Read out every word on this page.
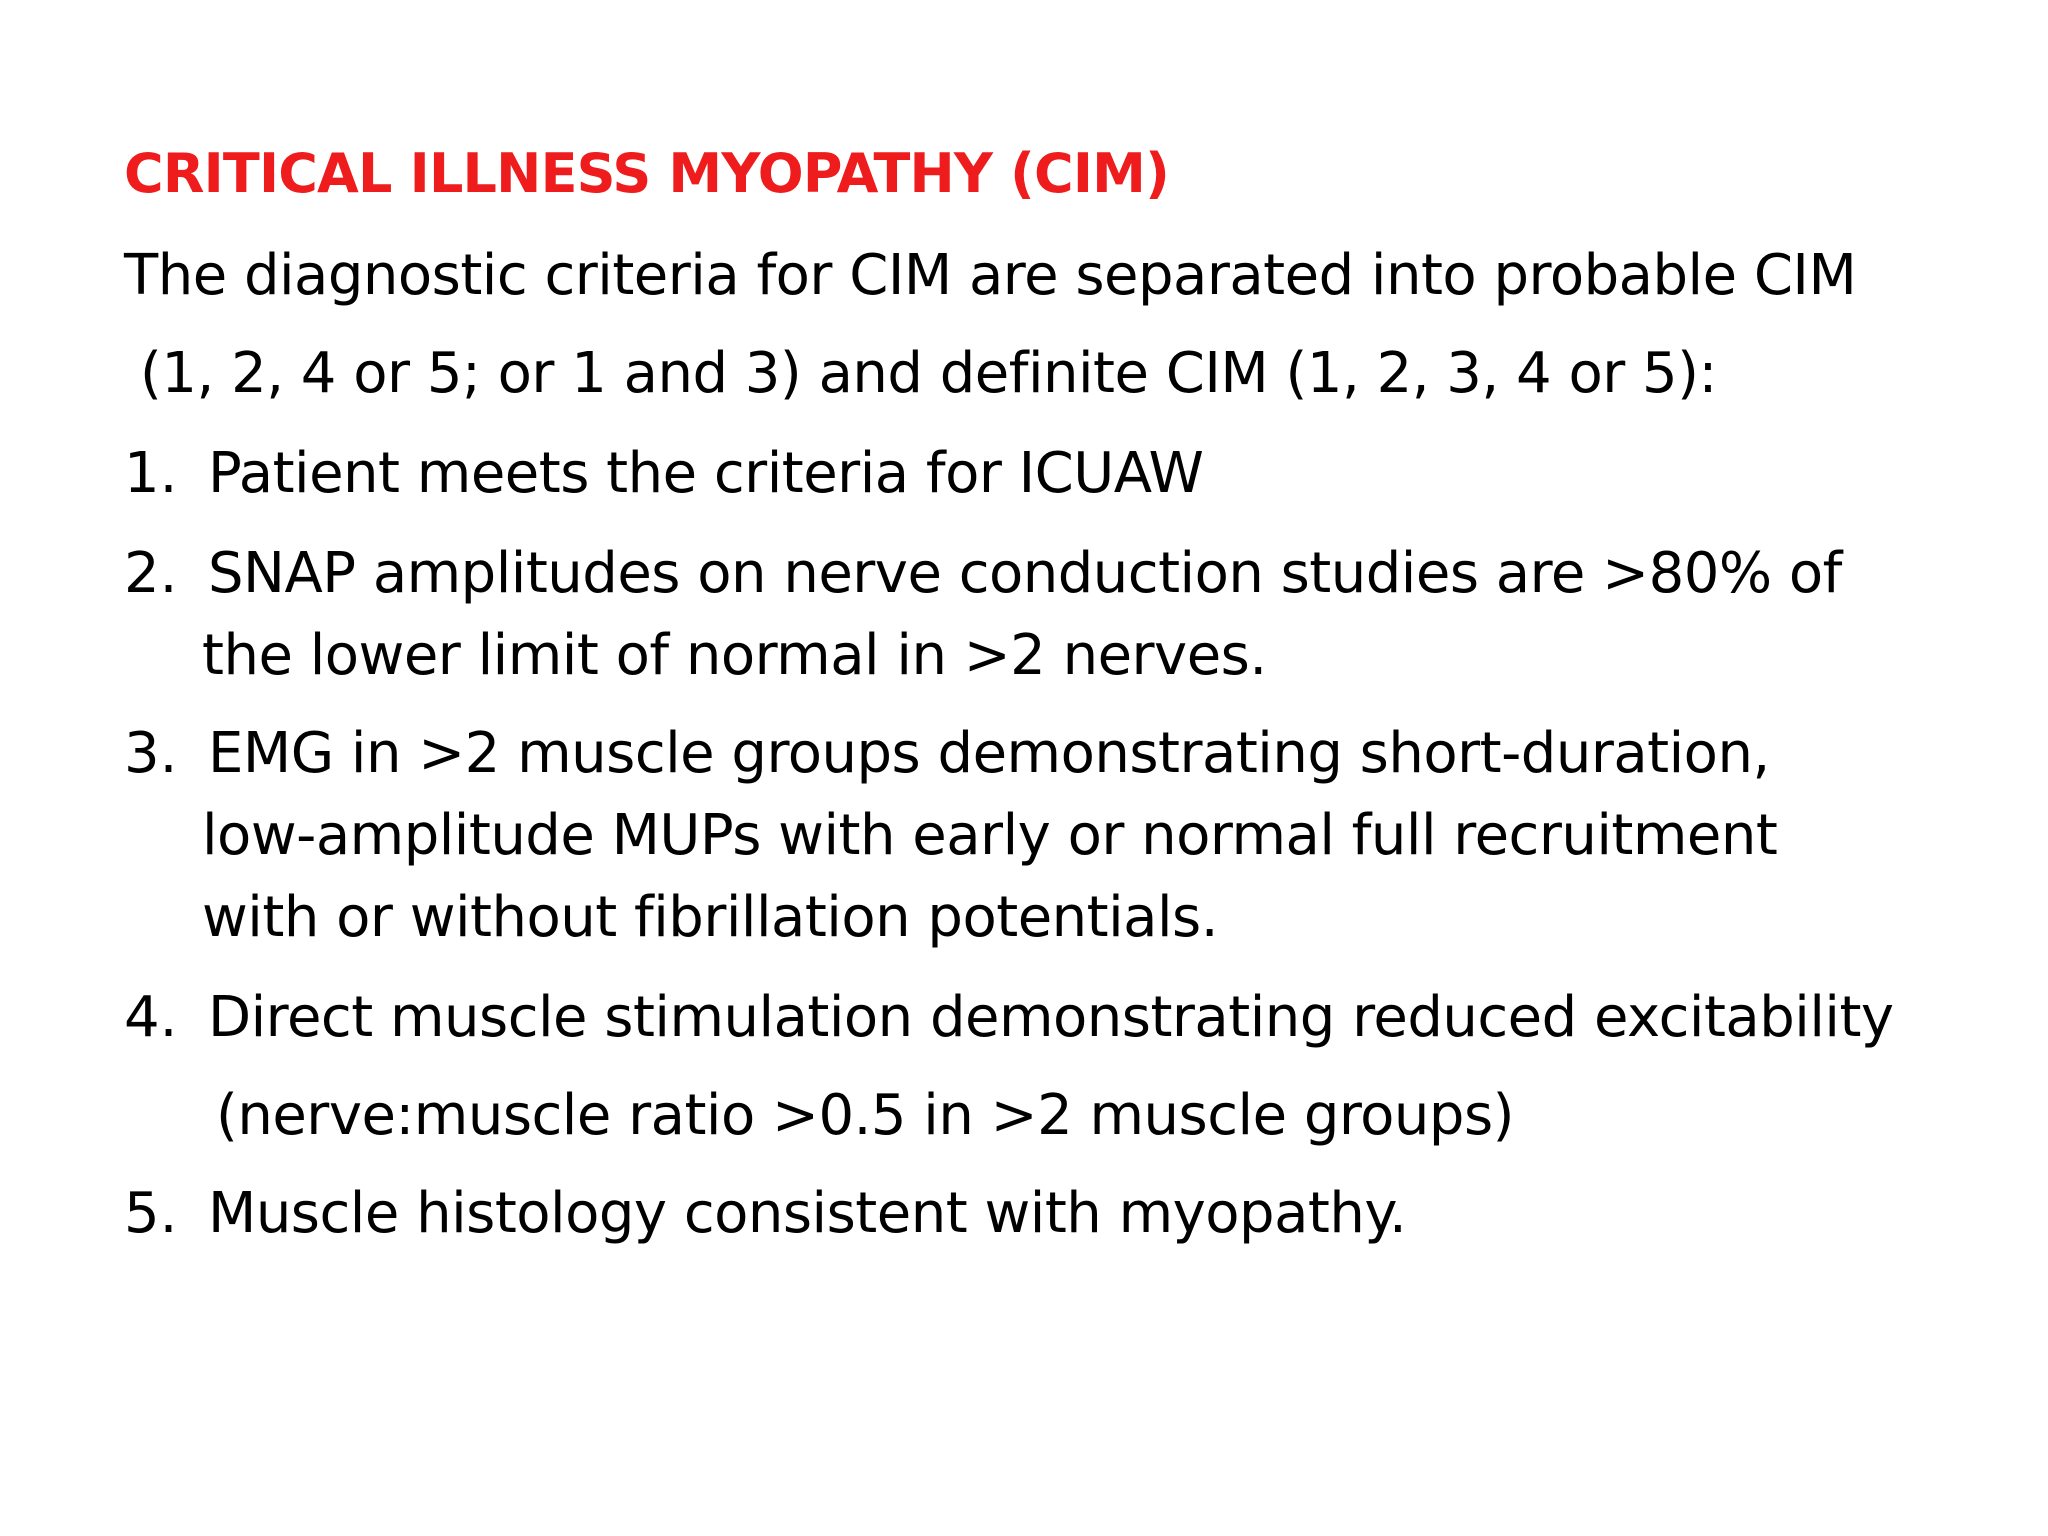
CRITICAL ILLNESS MYOPATHY (CIM)

The diagnostic criteria for CIM are separated into probable CIM

(1, 2, 4 or 5; or 1 and 3) and definite CIM (1, 2, 3, 4 or 5):

1. Patient meets the criteria for ICUAW

2. SNAP amplitudes on nerve conduction studies are >80% of

the lower limit of normal in >2 nerves.

3. EMG in >2 muscle groups demonstrating short-duration,

low-amplitude MUPs with early or normal full recruitment

with or without fibrillation potentials.

4. Direct muscle stimulation demonstrating reduced excitability

(nerve:muscle ratio >0.5 in >2 muscle groups)

5. Muscle histology consistent with myopathy.
